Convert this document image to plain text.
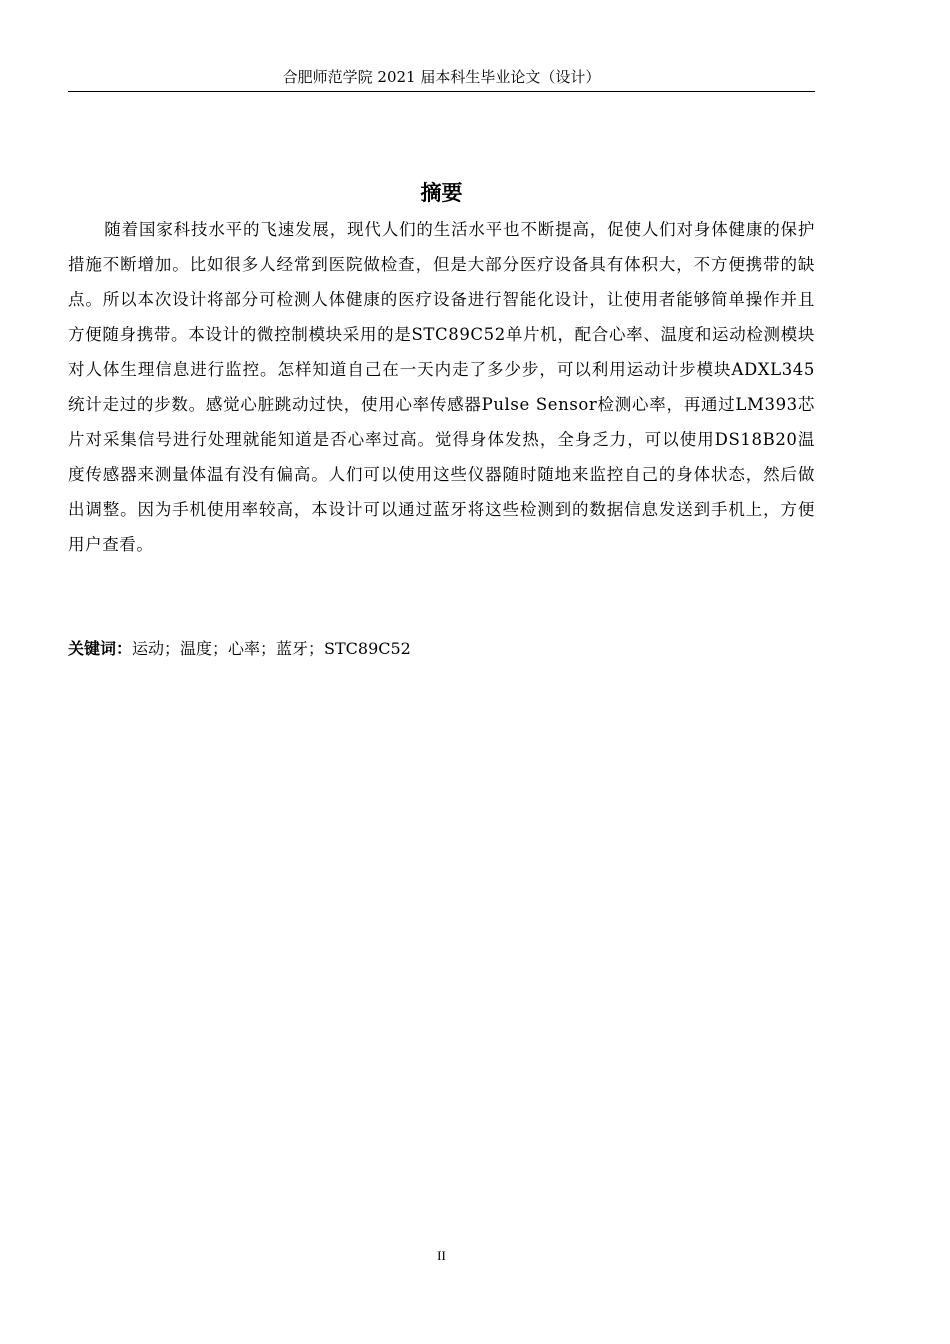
合肥师范学院 2021 届本科生毕业论文（设计）
摘要

随着国家科技水平的飞速发展，现代人们的生活水平也不断提高，促使人们对身体健康的保护措施不断增加。比如很多人经常到医院做检查，但是大部分医疗设备具有体积大，不方便携带的缺点。所以本次设计将部分可检测人体健康的医疗设备进行智能化设计，让使用者能够简单操作并且方便随身携带。本设计的微控制模块采用的是STC89C52单片机，配合心率、温度和运动检测模块对人体生理信息进行监控。怎样知道自己在一天内走了多少步，可以利用运动计步模块ADXL345统计走过的步数。感觉心脏跳动过快，使用心率传感器Pulse Sensor检测心率，再通过LM393芯片对采集信号进行处理就能知道是否心率过高。觉得身体发热，全身乏力，可以使用DS18B20温度传感器来测量体温有没有偏高。人们可以使用这些仪器随时随地来监控自己的身体状态，然后做出调整。因为手机使用率较高，本设计可以通过蓝牙将这些检测到的数据信息发送到手机上，方便用户查看。

关键词：运动；温度；心率；蓝牙；STC89C52
II
